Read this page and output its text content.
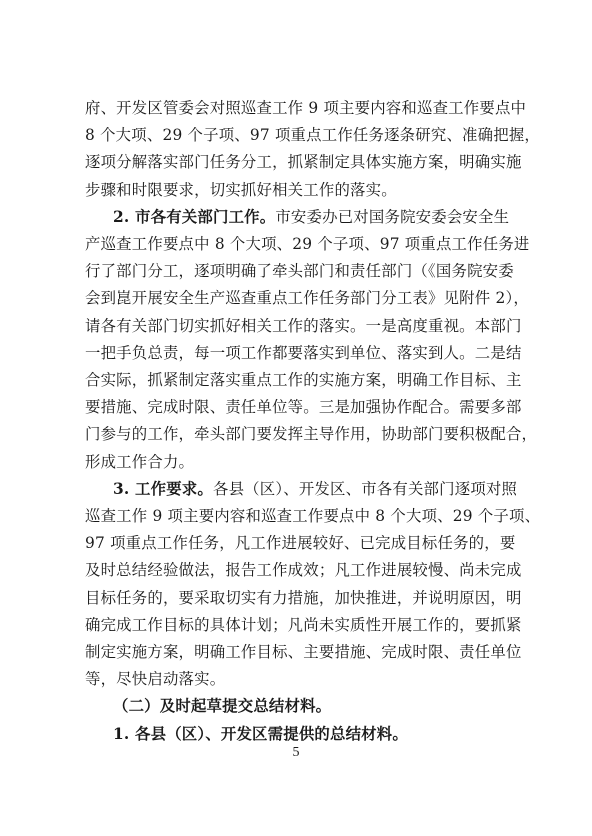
府、开发区管委会对照巡查工作 9 项主要内容和巡查工作要点中
8 个大项、29 个子项、97 项重点工作任务逐条研究、准确把握，
逐项分解落实部门任务分工，抓紧制定具体实施方案，明确实施
步骤和时限要求，切实抓好相关工作的落实。
2. 市各有关部门工作。市安委办已对国务院安委会安全生
产巡查工作要点中 8 个大项、29 个子项、97 项重点工作任务进
行了部门分工，逐项明确了牵头部门和责任部门（《国务院安委
会到崑开展安全生产巡查重点工作任务部门分工表》见附件 2），
请各有关部门切实抓好相关工作的落实。一是高度重视。本部门
一把手负总责，每一项工作都要落实到单位、落实到人。二是结
合实际，抓紧制定落实重点工作的实施方案，明确工作目标、主
要措施、完成时限、责任单位等。三是加强协作配合。需要多部
门参与的工作，牵头部门要发挥主导作用，协助部门要积极配合，
形成工作合力。
3. 工作要求。各县（区）、开发区、市各有关部门逐项对照
巡查工作 9 项主要内容和巡查工作要点中 8 个大项、29 个子项、
97 项重点工作任务，凡工作进展较好、已完成目标任务的，要
及时总结经验做法，报告工作成效；凡工作进展较慢、尚未完成
目标任务的，要采取切实有力措施，加快推进，并说明原因，明
确完成工作目标的具体计划；凡尚未实质性开展工作的，要抓紧
制定实施方案，明确工作目标、主要措施、完成时限、责任单位
等，尽快启动落实。
（二）及时起草提交总结材料。
1. 各县（区）、开发区需提供的总结材料。
5
